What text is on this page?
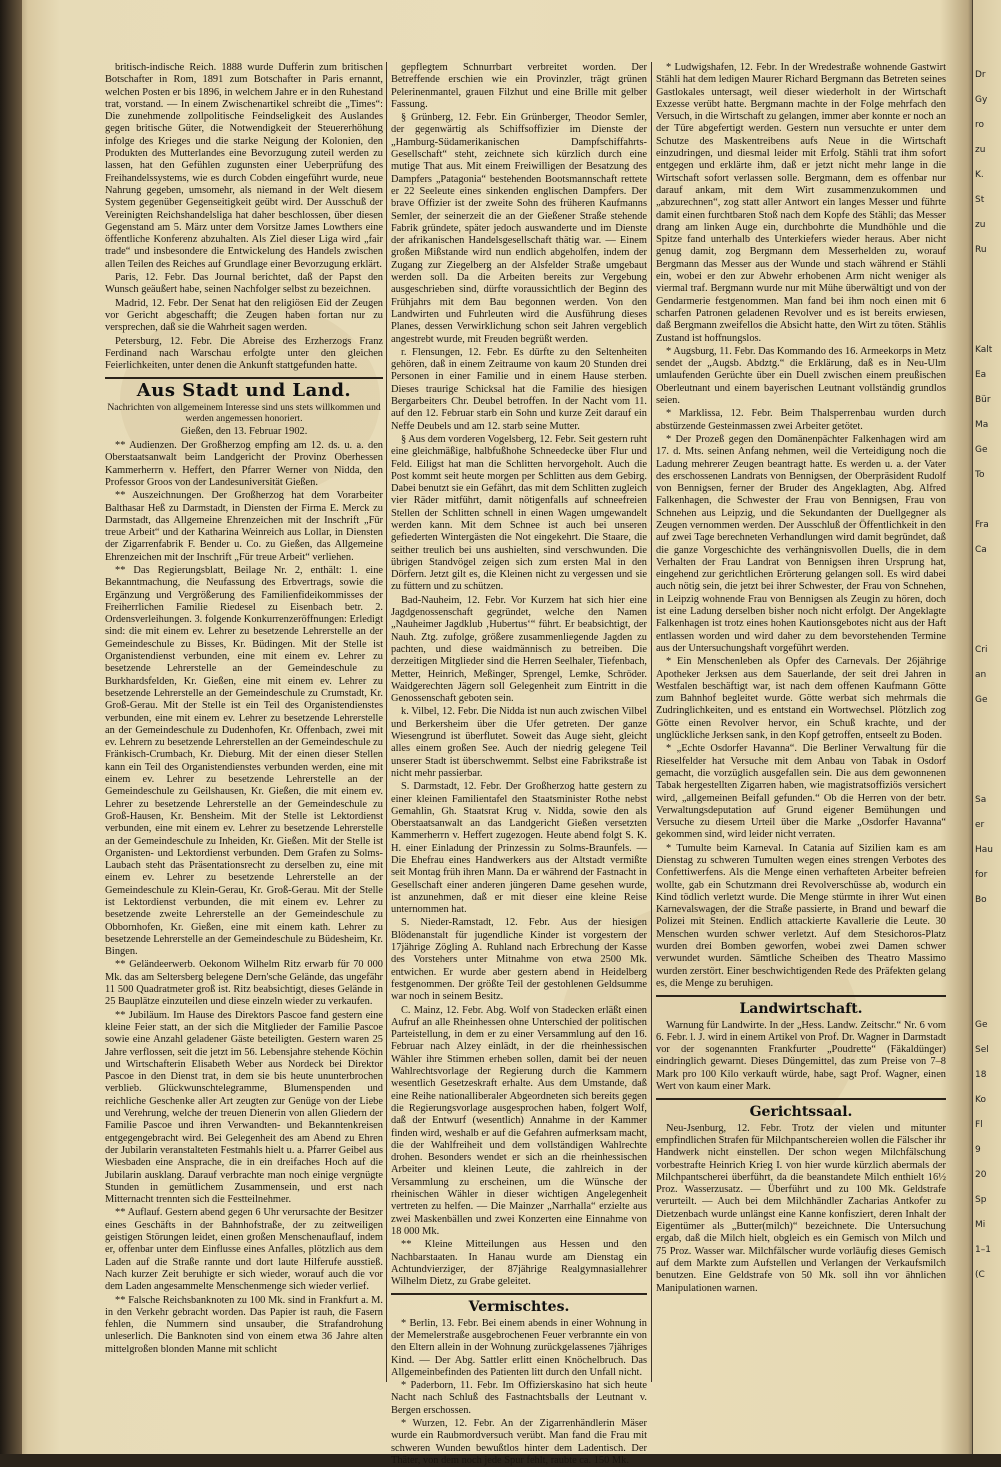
britisch-indische Reich. 1888 wurde Dufferin zum britischen Botschafter in Rom, 1891 zum Botschafter in Paris ernannt, welchen Posten er bis 1896, in welchem Jahre er in den Ruhestand trat, vorstand. — In einem Zwischenartikel schreibt die „Times“: Die zunehmende zollpolitische Feindseligkeit des Auslandes gegen britische Güter, die Notwendigkeit der Steuererhöhung infolge des Krieges und die starke Neigung der Kolonien, den Produkten des Mutterlandes eine Bevorzugung zuteil werden zu lassen, hat den Gefühlen zugunsten einer Ueberprüfung des Freihandelssystems, wie es durch Cobden eingeführt wurde, neue Nahrung gegeben, umsomehr, als niemand in der Welt diesem System gegenüber Gegenseitigkeit geübt wird. Der Ausschuß der Vereinigten Reichshandelsliga hat daher beschlossen, über diesen Gegenstand am 5. März unter dem Vorsitze James Lowthers eine öffentliche Konferenz abzuhalten. Als Ziel dieser Liga wird „fair trade“ und insbesondere die Entwickelung des Handels zwischen allen Teilen des Reiches auf Grundlage einer Bevorzugung erklärt.

Paris, 12. Febr. Das Journal berichtet, daß der Papst den Wunsch geäußert habe, seinen Nachfolger selbst zu bezeichnen.

Madrid, 12. Febr. Der Senat hat den religiösen Eid der Zeugen vor Gericht abgeschafft; die Zeugen haben fortan nur zu versprechen, daß sie die Wahrheit sagen werden.

Petersburg, 12. Febr. Die Abreise des Erzherzogs Franz Ferdinand nach Warschau erfolgte unter den gleichen Feierlichkeiten, unter denen die Ankunft stattgefunden hatte.

Aus Stadt und Land.
Nachrichten von allgemeinem Interesse sind uns stets willkommen und werden angemessen honoriert.
Gießen, den 13. Februar 1902.

** Audienzen. Der Großherzog empfing am 12. ds. u. a. den Oberstaatsanwalt beim Landgericht der Provinz Oberhessen Kammerherrn v. Heffert, den Pfarrer Werner von Nidda, den Professor Groos von der Landesuniversität Gießen.

** Auszeichnungen. Der Großherzog hat dem Vorarbeiter Balthasar Heß zu Darmstadt, in Diensten der Firma E. Merck zu Darmstadt, das Allgemeine Ehrenzeichen mit der Inschrift „Für treue Arbeit“ und der Katharina Weinreich aus Lollar, in Diensten der Zigarrenfabrik F. Bender u. Co. zu Gießen, das Allgemeine Ehrenzeichen mit der Inschrift „Für treue Arbeit“ verliehen.

** Das Regierungsblatt, Beilage Nr. 2, enthält: 1. eine Bekanntmachung, die Neufassung des Erbvertrags, sowie die Ergänzung und Vergrößerung des Familienfideikommisses der Freiherrlichen Familie Riedesel zu Eisenbach betr. 2. Ordensverleihungen. 3. folgende Konkurrenzeröffnungen: Erledigt sind: die mit einem ev. Lehrer zu besetzende Lehrerstelle an der Gemeindeschule zu Bisses, Kr. Büdingen. Mit der Stelle ist Organistendienst verbunden, eine mit einem ev. Lehrer zu besetzende Lehrerstelle an der Gemeindeschule zu Burkhardsfelden, Kr. Gießen, eine mit einem ev. Lehrer zu besetzende Lehrerstelle an der Gemeindeschule zu Crumstadt, Kr. Groß-Gerau. Mit der Stelle ist ein Teil des Organistendienstes verbunden, eine mit einem ev. Lehrer zu besetzende Lehrerstelle an der Gemeindeschule zu Dudenhofen, Kr. Offenbach, zwei mit ev. Lehrern zu besetzende Lehrerstellen an der Gemeindeschule zu Fränkisch-Crumbach, Kr. Dieburg. Mit der einen dieser Stellen kann ein Teil des Organistendienstes verbunden werden, eine mit einem ev. Lehrer zu besetzende Lehrerstelle an der Gemeindeschule zu Geilshausen, Kr. Gießen, die mit einem ev. Lehrer zu besetzende Lehrerstelle an der Gemeindeschule zu Groß-Hausen, Kr. Bensheim. Mit der Stelle ist Lektordienst verbunden, eine mit einem ev. Lehrer zu besetzende Lehrerstelle an der Gemeindeschule zu Inheiden, Kr. Gießen. Mit der Stelle ist Organisten- und Lektordienst verbunden. Dem Grafen zu Solms-Laubach steht das Präsentationsrecht zu derselben zu, eine mit einem ev. Lehrer zu besetzende Lehrerstelle an der Gemeindeschule zu Klein-Gerau, Kr. Groß-Gerau. Mit der Stelle ist Lektordienst verbunden, die mit einem ev. Lehrer zu besetzende zweite Lehrerstelle an der Gemeindeschule zu Obbornhofen, Kr. Gießen, eine mit einem kath. Lehrer zu besetzende Lehrerstelle an der Gemeindeschule zu Büdesheim, Kr. Bingen.

** Geländeerwerb. Oekonom Wilhelm Ritz erwarb für 70 000 Mk. das am Seltersberg belegene Dern'sche Gelände, das ungefähr 11 500 Quadratmeter groß ist. Ritz beabsichtigt, dieses Gelände in 25 Bauplätze einzuteilen und diese einzeln wieder zu verkaufen.

** Jubiläum. Im Hause des Direktors Pascoe fand gestern eine kleine Feier statt, an der sich die Mitglieder der Familie Pascoe sowie eine Anzahl geladener Gäste beteiligten. Gestern waren 25 Jahre verflossen, seit die jetzt im 56. Lebensjahre stehende Köchin und Wirtschafterin Elisabeth Weber aus Nordeck bei Direktor Pascoe in den Dienst trat, in dem sie bis heute ununterbrochen verblieb. Glückwunschtelegramme, Blumenspenden und reichliche Geschenke aller Art zeugten zur Genüge von der Liebe und Verehrung, welche der treuen Dienerin von allen Gliedern der Familie Pascoe und ihren Verwandten- und Bekanntenkreisen entgegengebracht wird. Bei Gelegenheit des am Abend zu Ehren der Jubilarin veranstalteten Festmahls hielt u. a. Pfarrer Geibel aus Wiesbaden eine Ansprache, die in ein dreifaches Hoch auf die Jubilarin ausklang. Darauf verbrachte man noch einige vergnügte Stunden in gemütlichem Zusammensein, und erst nach Mitternacht trennten sich die Festteilnehmer.

** Auflauf. Gestern abend gegen 6 Uhr verursachte der Besitzer eines Geschäfts in der Bahnhofstraße, der zu zeitweiligen geistigen Störungen leidet, einen großen Menschenauflauf, indem er, offenbar unter dem Einflusse eines Anfalles, plötzlich aus dem Laden auf die Straße rannte und dort laute Hilferufe ausstieß. Nach kurzer Zeit beruhigte er sich wieder, worauf auch die vor dem Laden angesammelte Menschenmenge sich wieder verlief.

** Falsche Reichsbanknoten zu 100 Mk. sind in Frankfurt a. M. in den Verkehr gebracht worden. Das Papier ist rauh, die Fasern fehlen, die Nummern sind unsauber, die Strafandrohung unleserlich. Die Banknoten sind von einem etwa 36 Jahre alten mittelgroßen blonden Manne mit schlicht

gepflegtem Schnurrbart verbreitet worden. Der Betreffende erschien wie ein Provinzler, trägt grünen Pelerinenmantel, grauen Filzhut und eine Brille mit gelber Fassung.

§ Grünberg, 12. Febr. Ein Grünberger, Theodor Semler, der gegenwärtig als Schiffsoffizier im Dienste der „Hamburg-Südamerikanischen Dampfschiffahrts-Gesellschaft“ steht, zeichnete sich kürzlich durch eine mutige That aus. Mit einem Freiwilligen der Besatzung des Dampfers „Patagonia“ bestehenden Bootsmannschaft rettete er 22 Seeleute eines sinkenden englischen Dampfers. Der brave Offizier ist der zweite Sohn des früheren Kaufmanns Semler, der seinerzeit die an der Gießener Straße stehende Fabrik gründete, später jedoch auswanderte und im Dienste der afrikanischen Handelsgesellschaft thätig war. — Einem großen Mißstande wird nun endlich abgeholfen, indem der Zugang zur Ziegelberg an der Alsfelder Straße umgebaut werden soll. Da die Arbeiten bereits zur Vergebung ausgeschrieben sind, dürfte voraussichtlich der Beginn des Frühjahrs mit dem Bau begonnen werden. Von den Landwirten und Fuhrleuten wird die Ausführung dieses Planes, dessen Verwirklichung schon seit Jahren vergeblich angestrebt wurde, mit Freuden begrüßt werden.

r. Flensungen, 12. Febr. Es dürfte zu den Seltenheiten gehören, daß in einem Zeitraume von kaum 20 Stunden drei Personen in einer Familie und in einem Hause sterben. Dieses traurige Schicksal hat die Familie des hiesigen Bergarbeiters Chr. Deubel betroffen. In der Nacht vom 11. auf den 12. Februar starb ein Sohn und kurze Zeit darauf ein Neffe Deubels und am 12. starb seine Mutter.

§ Aus dem vorderen Vogelsberg, 12. Febr. Seit gestern ruht eine gleichmäßige, halbfußhohe Schneedecke über Flur und Feld. Eiligst hat man die Schlitten hervorgeholt. Auch die Post kommt seit heute morgen per Schlitten aus dem Gebirg. Dabei benutzt sie ein Gefährt, das mit dem Schlitten zugleich vier Räder mitführt, damit nötigenfalls auf schneefreien Stellen der Schlitten schnell in einen Wagen umgewandelt werden kann. Mit dem Schnee ist auch bei unseren gefiederten Wintergästen die Not eingekehrt. Die Staare, die seither treulich bei uns aushielten, sind verschwunden. Die übrigen Standvögel zeigen sich zum ersten Mal in den Dörfern. Jetzt gilt es, die Kleinen nicht zu vergessen und sie zu füttern und zu schützen.

Bad-Nauheim, 12. Febr. Vor Kurzem hat sich hier eine Jagdgenossenschaft gegründet, welche den Namen „Nauheimer Jagdklub ‚Hubertus‘“ führt. Er beabsichtigt, der Nauh. Ztg. zufolge, größere zusammenliegende Jagden zu pachten, und diese waidmännisch zu betreiben. Die derzeitigen Mitglieder sind die Herren Seelhaler, Tiefenbach, Metter, Heinrich, Meßinger, Sprengel, Lemke, Schröder. Waidgerechten Jägern soll Gelegenheit zum Eintritt in die Genossenschaft geboten sein.

k. Vilbel, 12. Febr. Die Nidda ist nun auch zwischen Vilbel und Berkersheim über die Ufer getreten. Der ganze Wiesengrund ist überflutet. Soweit das Auge sieht, gleicht alles einem großen See. Auch der niedrig gelegene Teil unserer Stadt ist überschwemmt. Selbst eine Fabrikstraße ist nicht mehr passierbar.

S. Darmstadt, 12. Febr. Der Großherzog hatte gestern zu einer kleinen Familientafel den Staatsminister Rothe nebst Gemahlin, Gh. Staatsrat Krug v. Nidda, sowie den als Oberstaatsanwalt an das Landgericht Gießen versetzten Kammerherrn v. Heffert zugezogen. Heute abend folgt S. K. H. einer Einladung der Prinzessin zu Solms-Braunfels. — Die Ehefrau eines Handwerkers aus der Altstadt vermißte seit Montag früh ihren Mann. Da er während der Fastnacht in Gesellschaft einer anderen jüngeren Dame gesehen wurde, ist anzunehmen, daß er mit dieser eine kleine Reise unternommen hat.

S. Nieder-Ramstadt, 12. Febr. Aus der hiesigen Blödenanstalt für jugendliche Kinder ist vorgestern der 17jährige Zögling A. Ruhland nach Erbrechung der Kasse des Vorstehers unter Mitnahme von etwa 2500 Mk. entwichen. Er wurde aber gestern abend in Heidelberg festgenommen. Der größte Teil der gestohlenen Geldsumme war noch in seinem Besitz.

C. Mainz, 12. Febr. Abg. Wolf von Stadecken erläßt einen Aufruf an alle Rheinhessen ohne Unterschied der politischen Parteistellung, in dem er zu einer Versammlung auf den 16. Februar nach Alzey einlädt, in der die rheinhessischen Wähler ihre Stimmen erheben sollen, damit bei der neuen Wahlrechtsvorlage der Regierung durch die Kammern wesentlich Gesetzeskraft erhalte. Aus dem Umstande, daß eine Reihe nationalliberaler Abgeordneten sich bereits gegen die Regierungsvorlage ausgesprochen haben, folgert Wolf, daß der Entwurf (wesentlich) Annahme in der Kammer finden wird, weshalb er auf die Gefahren aufmerksam macht, die der Wahlfreiheit und dem vollständigen Wahlrechte drohen. Besonders wendet er sich an die rheinhessischen Arbeiter und kleinen Leute, die zahlreich in der Versammlung zu erscheinen, um die Wünsche der rheinischen Wähler in dieser wichtigen Angelegenheit vertreten zu helfen. — Die Mainzer „Narrhalla“ erzielte aus zwei Maskenbällen und zwei Konzerten eine Einnahme von 18 000 Mk.

** Kleine Mitteilungen aus Hessen und den Nachbarstaaten. In Hanau wurde am Dienstag ein Achtundvierziger, der 87jährige Realgymnasiallehrer Wilhelm Dietz, zu Grabe geleitet.

Vermischtes.

* Berlin, 13. Febr. Bei einem abends in einer Wohnung in der Memelerstraße ausgebrochenen Feuer verbrannte ein von den Eltern allein in der Wohnung zurückgelassenes 7jähriges Kind. — Der Abg. Sattler erlitt einen Knöchelbruch. Das Allgemeinbefinden des Patienten litt durch den Unfall nicht.

* Paderborn, 11. Febr. Im Offizierskasino hat sich heute Nacht nach Schluß des Fastnachtsballs der Leutnant v. Bergen erschossen.

* Wurzen, 12. Febr. An der Zigarrenhändlerin Mäser wurde ein Raubmordversuch verübt. Man fand die Frau mit schweren Wunden bewußtlos hinter dem Ladentisch. Der Thäter, von dem noch jede Spur fehlt, raubte ca. 150 Mk.

* Ludwigshafen, 12. Febr. In der Wredestraße wohnende Gastwirt Stähli hat dem ledigen Maurer Richard Bergmann das Betreten seines Gastlokales untersagt, weil dieser wiederholt in der Wirtschaft Exzesse verübt hatte. Bergmann machte in der Folge mehrfach den Versuch, in die Wirtschaft zu gelangen, immer aber konnte er noch an der Türe abgefertigt werden. Gestern nun versuchte er unter dem Schutze des Maskentreibens aufs Neue in die Wirtschaft einzudringen, und diesmal leider mit Erfolg. Stähli trat ihm sofort entgegen und erklärte ihm, daß er jetzt nicht mehr lange in die Wirtschaft sofort verlassen solle. Bergmann, dem es offenbar nur darauf ankam, mit dem Wirt zusammenzukommen und „abzurechnen“, zog statt aller Antwort ein langes Messer und führte damit einen furchtbaren Stoß nach dem Kopfe des Stähli; das Messer drang am linken Auge ein, durchbohrte die Mundhöhle und die Spitze fand unterhalb des Unterkiefers wieder heraus. Aber nicht genug damit, zog Bergmann dem Messerhelden zu, worauf Bergmann das Messer aus der Wunde und stach während er Stähli ein, wobei er den zur Abwehr erhobenen Arm nicht weniger als viermal traf. Bergmann wurde nur mit Mühe überwältigt und von der Gendarmerie festgenommen. Man fand bei ihm noch einen mit 6 scharfen Patronen geladenen Revolver und es ist bereits erwiesen, daß Bergmann zweifellos die Absicht hatte, den Wirt zu töten. Stählis Zustand ist hoffnungslos.

* Augsburg, 11. Febr. Das Kommando des 16. Armeekorps in Metz sendet der „Augsb. Abdztg.“ die Erklärung, daß es in Neu-Ulm umlaufenden Gerüchte über ein Duell zwischen einem preußischen Oberleutnant und einem bayerischen Leutnant vollständig grundlos seien.

* Marklissa, 12. Febr. Beim Thalsperrenbau wurden durch abstürzende Gesteinmassen zwei Arbeiter getötet.

* Der Prozeß gegen den Domänenpächter Falkenhagen wird am 17. d. Mts. seinen Anfang nehmen, weil die Verteidigung noch die Ladung mehrerer Zeugen beantragt hatte. Es werden u. a. der Vater des erschossenen Landrats von Bennigsen, der Oberpräsident Rudolf von Bennigsen, ferner der Bruder des Angeklagten, Abg. Alfred Falkenhagen, die Schwester der Frau von Bennigsen, Frau von Schnehen aus Leipzig, und die Sekundanten der Duellgegner als Zeugen vernommen werden. Der Ausschluß der Öffentlichkeit in den auf zwei Tage berechneten Verhandlungen wird damit begründet, daß die ganze Vorgeschichte des verhängnisvollen Duells, die in dem Verhalten der Frau Landrat von Bennigsen ihren Ursprung hat, eingehend zur gerichtlichen Erörterung gelangen soll. Es wird dabei auch nötig sein, die jetzt bei ihrer Schwester, der Frau von Schnehen, in Leipzig wohnende Frau von Bennigsen als Zeugin zu hören, doch ist eine Ladung derselben bisher noch nicht erfolgt. Der Angeklagte Falkenhagen ist trotz eines hohen Kautionsgebotes nicht aus der Haft entlassen worden und wird daher zu dem bevorstehenden Termine aus der Untersuchungshaft vorgeführt werden.

* Ein Menschenleben als Opfer des Carnevals. Der 26jährige Apotheker Jerksen aus dem Sauerlande, der seit drei Jahren in Westfalen beschäftigt war, ist nach dem offenen Kaufmann Götte zum Bahnhof begleitet wurde. Götte werbat sich mehrmals die Zudringlichkeiten, und es entstand ein Wortwechsel. Plötzlich zog Götte einen Revolver hervor, ein Schuß krachte, und der unglückliche Jerksen sank, in den Kopf getroffen, entseelt zu Boden.

* „Echte Osdorfer Havanna“. Die Berliner Verwaltung für die Rieselfelder hat Versuche mit dem Anbau von Tabak in Osdorf gemacht, die vorzüglich ausgefallen sein. Die aus dem gewonnenen Tabak hergestellten Zigarren haben, wie magistratsoffiziös versichert wird, „allgemeinen Beifall gefunden.“ Ob die Herren von der betr. Verwaltungsdeputation auf Grund eigener Bemühungen und Versuche zu diesem Urteil über die Marke „Osdorfer Havanna“ gekommen sind, wird leider nicht verraten.

* Tumulte beim Karneval. In Catania auf Sizilien kam es am Dienstag zu schweren Tumulten wegen eines strengen Verbotes des Confettiwerfens. Als die Menge einen verhafteten Arbeiter befreien wollte, gab ein Schutzmann drei Revolverschüsse ab, wodurch ein Kind tödlich verletzt wurde. Die Menge stürmte in ihrer Wut einen Karnevalswagen, der die Straße passierte, in Brand und bewarf die Polizei mit Steinen. Endlich attackierte Kavallerie die Leute. 30 Menschen wurden schwer verletzt. Auf dem Stesichoros-Platz wurden drei Bomben geworfen, wobei zwei Damen schwer verwundet wurden. Sämtliche Scheiben des Theatro Massimo wurden zerstört. Einer beschwichtigenden Rede des Präfekten gelang es, die Menge zu beruhigen.

Landwirtschaft.

Warnung für Landwirte. In der „Hess. Landw. Zeitschr.“ Nr. 6 vom 6. Febr. l. J. wird in einem Artikel von Prof. Dr. Wagner in Darmstadt vor der sogenannten Frankfurter „Poudrette“ (Fäkaldünger) eindringlich gewarnt. Dieses Düngemittel, das zum Preise von 7–8 Mark pro 100 Kilo verkauft würde, habe, sagt Prof. Wagner, einen Wert von kaum einer Mark.

Gerichtssaal.

Neu-Jsenburg, 12. Febr. Trotz der vielen und mitunter empfindlichen Strafen für Milchpantschereien wollen die Fälscher ihr Handwerk nicht einstellen. Der schon wegen Milchfälschung vorbestrafte Heinrich Krieg I. von hier wurde kürzlich abermals der Milchpantscherei überführt, da die beanstandete Milch enthielt 16½ Proz. Wasserzusatz. — Überführt und zu 100 Mk. Geldstrafe verurteilt. — Auch bei dem Milchhändler Zacharias Antkofer zu Dietzenbach wurde unlängst eine Kanne konfisziert, deren Inhalt der Eigentümer als „Butter(milch)“ bezeichnete. Die Untersuchung ergab, daß die Milch hielt, obgleich es ein Gemisch von Milch und 75 Proz. Wasser war. Milchfälscher wurde vorläufig dieses Gemisch auf dem Markte zum Aufstellen und Verlangen der Verkaufsmilch benutzen. Eine Geldstrafe von 50 Mk. soll ihn vor ähnlichen Manipulationen warnen.

Dr
Gy
ro
zu
K.
St
zu
Ru

Kalt
Ea
Bür
Ma
Ge
To

Fra
Ca

Cri
an
Ge

Sa
er
Hau
for
Bo

Ge
Sel
18
Ko
Fl
9
20
Sp
Mi
1–1
(C
